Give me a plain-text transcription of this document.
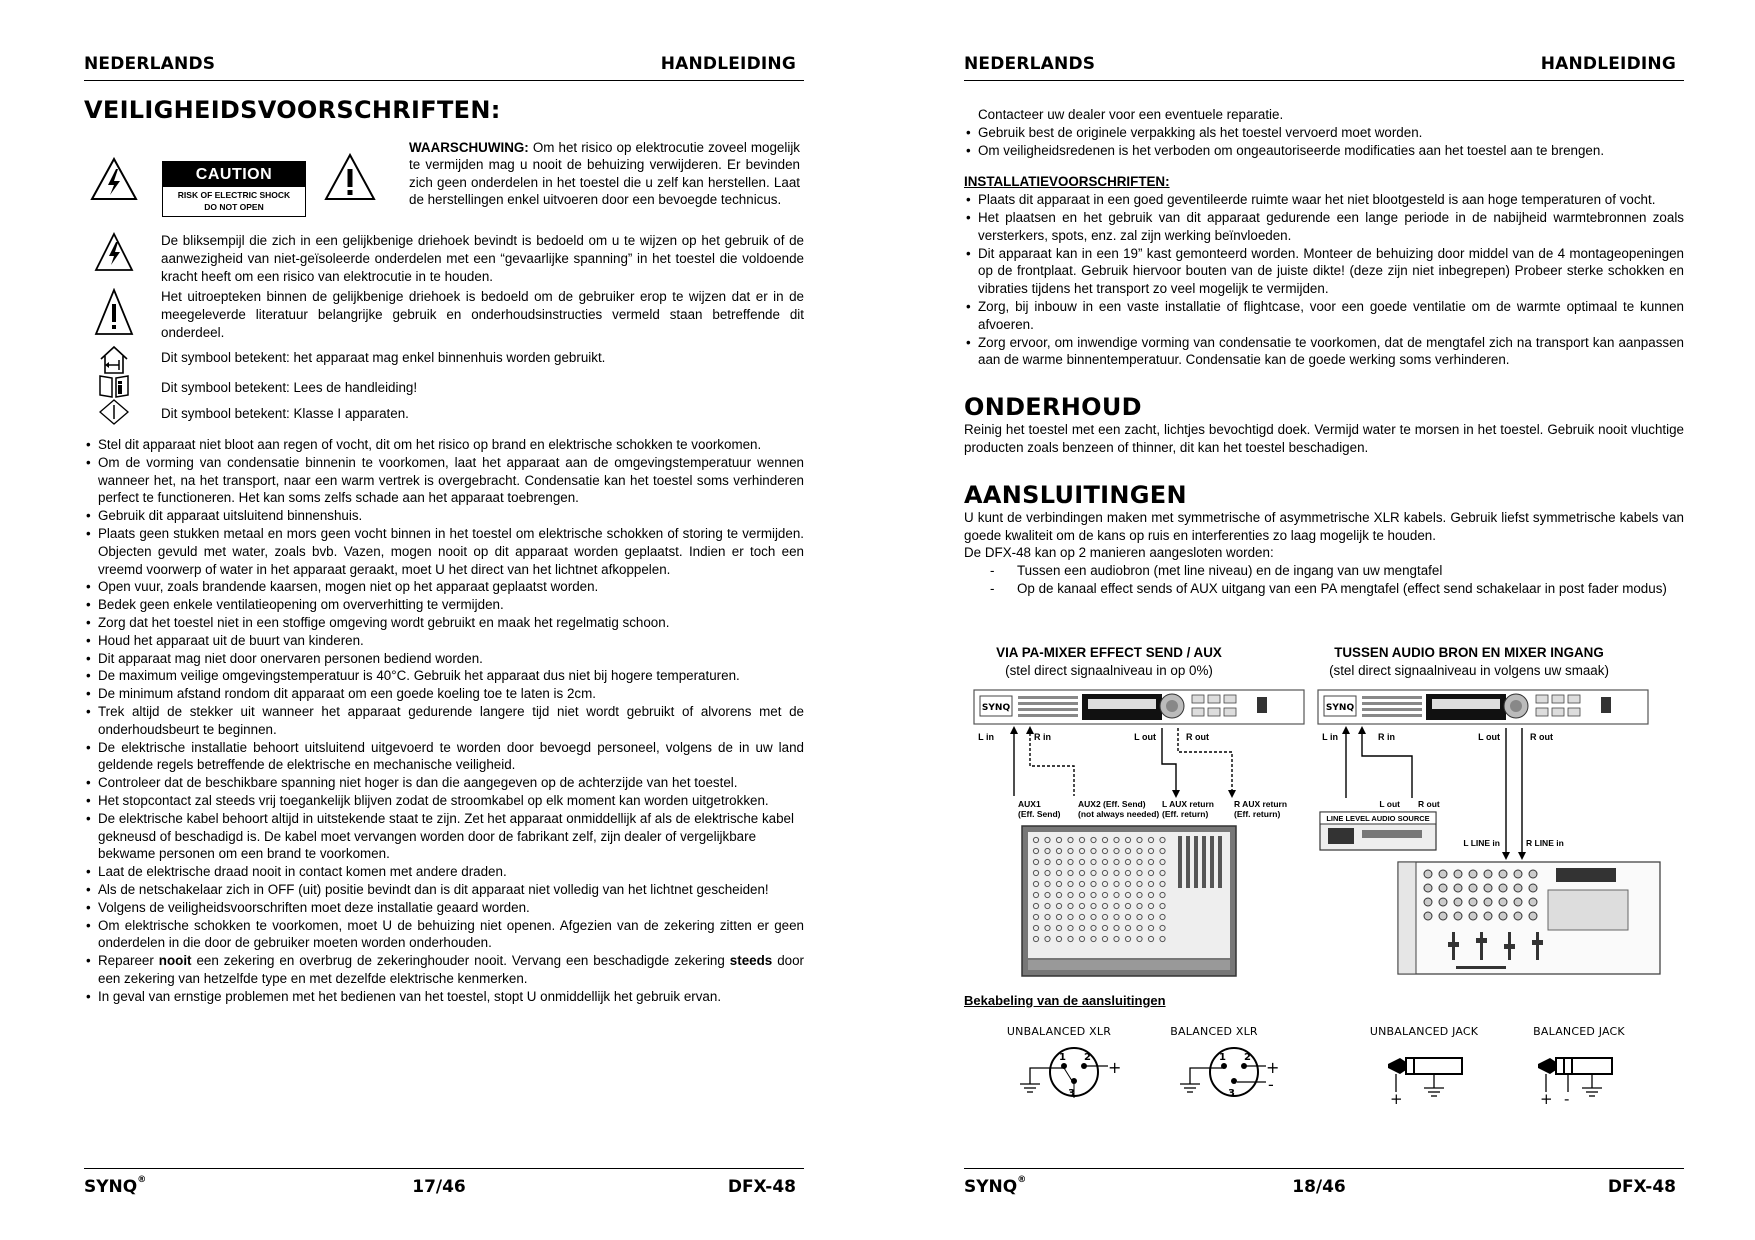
NEDERLANDS	HANDLEIDING
VEILIGHEIDSVOORSCHRIFTEN:
CAUTION
RISK OF ELECTRIC SHOCK
DO NOT OPEN
WAARSCHUWING: Om het risico op elektrocutie zoveel mogelijk te vermijden mag u nooit de behuizing verwijderen. Er bevinden zich geen onderdelen in het toestel die u zelf kan herstellen. Laat de herstellingen enkel uitvoeren door een bevoegde technicus.
De bliksempijl die zich in een gelijkbenige driehoek bevindt is bedoeld om u te wijzen op het gebruik of de aanwezigheid van niet-geïsoleerde onderdelen met een “gevaarlijke spanning” in het toestel die voldoende kracht heeft om een risico van elektrocutie in te houden.
Het uitroepteken binnen de gelijkbenige driehoek is bedoeld om de gebruiker erop te wijzen dat er in de meegeleverde literatuur belangrijke gebruik en onderhoudsinstructies vermeld staan betreffende dit onderdeel.
Dit symbool betekent: het apparaat mag enkel binnenhuis worden gebruikt.
Dit symbool betekent: Lees de handleiding!
Dit symbool betekent: Klasse I apparaten.
• Stel dit apparaat niet bloot aan regen of vocht, dit om het risico op brand en elektrische schokken te voorkomen.
• Om de vorming van condensatie binnenin te voorkomen, laat het apparaat aan de omgevingstemperatuur wennen wanneer het, na het transport, naar een warm vertrek is overgebracht. Condensatie kan het toestel soms verhinderen perfect te functioneren. Het kan soms zelfs schade aan het apparaat toebrengen.
• Gebruik dit apparaat uitsluitend binnenshuis.
• Plaats geen stukken metaal en mors geen vocht binnen in het toestel om elektrische schokken of storing te vermijden. Objecten gevuld met water, zoals bvb. Vazen, mogen nooit op dit apparaat worden geplaatst. Indien er toch een vreemd voorwerp of water in het apparaat geraakt, moet U het direct van het lichtnet afkoppelen.
• Open vuur, zoals brandende kaarsen, mogen niet op het apparaat geplaatst worden.
• Bedek geen enkele ventilatieopening om oververhitting te vermijden.
• Zorg dat het toestel niet in een stoffige omgeving wordt gebruikt en maak het regelmatig schoon.
• Houd het apparaat uit de buurt van kinderen.
• Dit apparaat mag niet door onervaren personen bediend worden.
• De maximum veilige omgevingstemperatuur is 40°C. Gebruik het apparaat dus niet bij hogere temperaturen.
• De minimum afstand rondom dit apparaat om een goede koeling toe te laten is 2cm.
• Trek altijd de stekker uit wanneer het apparaat gedurende langere tijd niet wordt gebruikt of alvorens met de onderhoudsbeurt te beginnen.
• De elektrische installatie behoort uitsluitend uitgevoerd te worden door bevoegd personeel, volgens de in uw land geldende regels betreffende de elektrische en mechanische veiligheid.
• Controleer dat de beschikbare spanning niet hoger is dan die aangegeven op de achterzijde van het toestel.
• Het stopcontact zal steeds vrij toegankelijk blijven zodat de stroomkabel op elk moment kan worden uitgetrokken.
• De elektrische kabel behoort altijd in uitstekende staat te zijn. Zet het apparaat onmiddellijk af als de elektrische kabel gekneusd of beschadigd is. De kabel moet vervangen worden door de fabrikant zelf, zijn dealer of vergelijkbare bekwame personen om een brand te voorkomen.
• Laat de elektrische draad nooit in contact komen met andere draden.
• Als de netschakelaar zich in OFF (uit) positie bevindt dan is dit apparaat niet volledig van het lichtnet gescheiden!
• Volgens de veiligheidsvoorschriften moet deze installatie geaard worden.
• Om elektrische schokken te voorkomen, moet U de behuizing niet openen. Afgezien van de zekering zitten er geen onderdelen in die door de gebruiker moeten worden onderhouden.
• Repareer nooit een zekering en overbrug de zekeringhouder nooit. Vervang een beschadigde zekering steeds door een zekering van hetzelfde type en met dezelfde elektrische kenmerken.
• In geval van ernstige problemen met het bedienen van het toestel, stopt U onmiddellijk het gebruik ervan.
SYNQ®	17/46	DFX-48
NEDERLANDS	HANDLEIDING
Contacteer uw dealer voor een eventuele reparatie.
• Gebruik best de originele verpakking als het toestel vervoerd moet worden.
• Om veiligheidsredenen is het verboden om ongeautoriseerde modificaties aan het toestel aan te brengen.
INSTALLATIEVOORSCHRIFTEN:
• Plaats dit apparaat in een goed geventileerde ruimte waar het niet blootgesteld is aan hoge temperaturen of vocht.
• Het plaatsen en het gebruik van dit apparaat gedurende een lange periode in de nabijheid warmtebronnen zoals versterkers, spots, enz. zal zijn werking beïnvloeden.
• Dit apparaat kan in een 19” kast gemonteerd worden. Monteer de behuizing door middel van de 4 montageopeningen op de frontplaat. Gebruik hiervoor bouten van de juiste dikte! (deze zijn niet inbegrepen) Probeer sterke schokken en vibraties tijdens het transport zo veel mogelijk te vermijden.
• Zorg, bij inbouw in een vaste installatie of flightcase, voor een goede ventilatie om de warmte optimaal te kunnen afvoeren.
• Zorg ervoor, om inwendige vorming van condensatie te voorkomen, dat de mengtafel zich na transport kan aanpassen aan de warme binnentemperatuur. Condensatie kan de goede werking soms verhinderen.
ONDERHOUD
Reinig het toestel met een zacht, lichtjes bevochtigd doek. Vermijd water te morsen in het toestel. Gebruik nooit vluchtige producten zoals benzeen of thinner, dit kan het toestel beschadigen.
AANSLUITINGEN
U kunt de verbindingen maken met symmetrische of asymmetrische XLR kabels. Gebruik liefst symmetrische kabels van goede kwaliteit om de kans op ruis en interferenties zo laag mogelijk te houden.
De DFX-48 kan op 2 manieren aangesloten worden:
- Tussen een audiobron (met line niveau) en de ingang van uw mengtafel
- Op de kanaal effect sends of AUX uitgang van een PA mengtafel (effect send schakelaar in post fader modus)
VIA PA-MIXER EFFECT SEND / AUX
(stel direct signaalniveau in op 0%)
TUSSEN AUDIO BRON EN MIXER INGANG
(stel direct signaalniveau in volgens uw smaak)
SYNQ
L in	R in	L out	R out
AUX1
(Eff. Send)
AUX2 (Eff. Send)
(not always needed)
L AUX return
(Eff. return)
R AUX return
(Eff. return)
SYNQ
L in	R in	L out	R out
L out R out
L LINE in	R LINE in
LINE LEVEL AUDIO SOURCE
Bekabeling van de aansluitingen
UNBALANCED XLR	BALANCED XLR	UNBALANCED JACK	BALANCED JACK
1 2
3
+
1 2
3
+
-
+	+ -
SYNQ®	18/46	DFX-48
